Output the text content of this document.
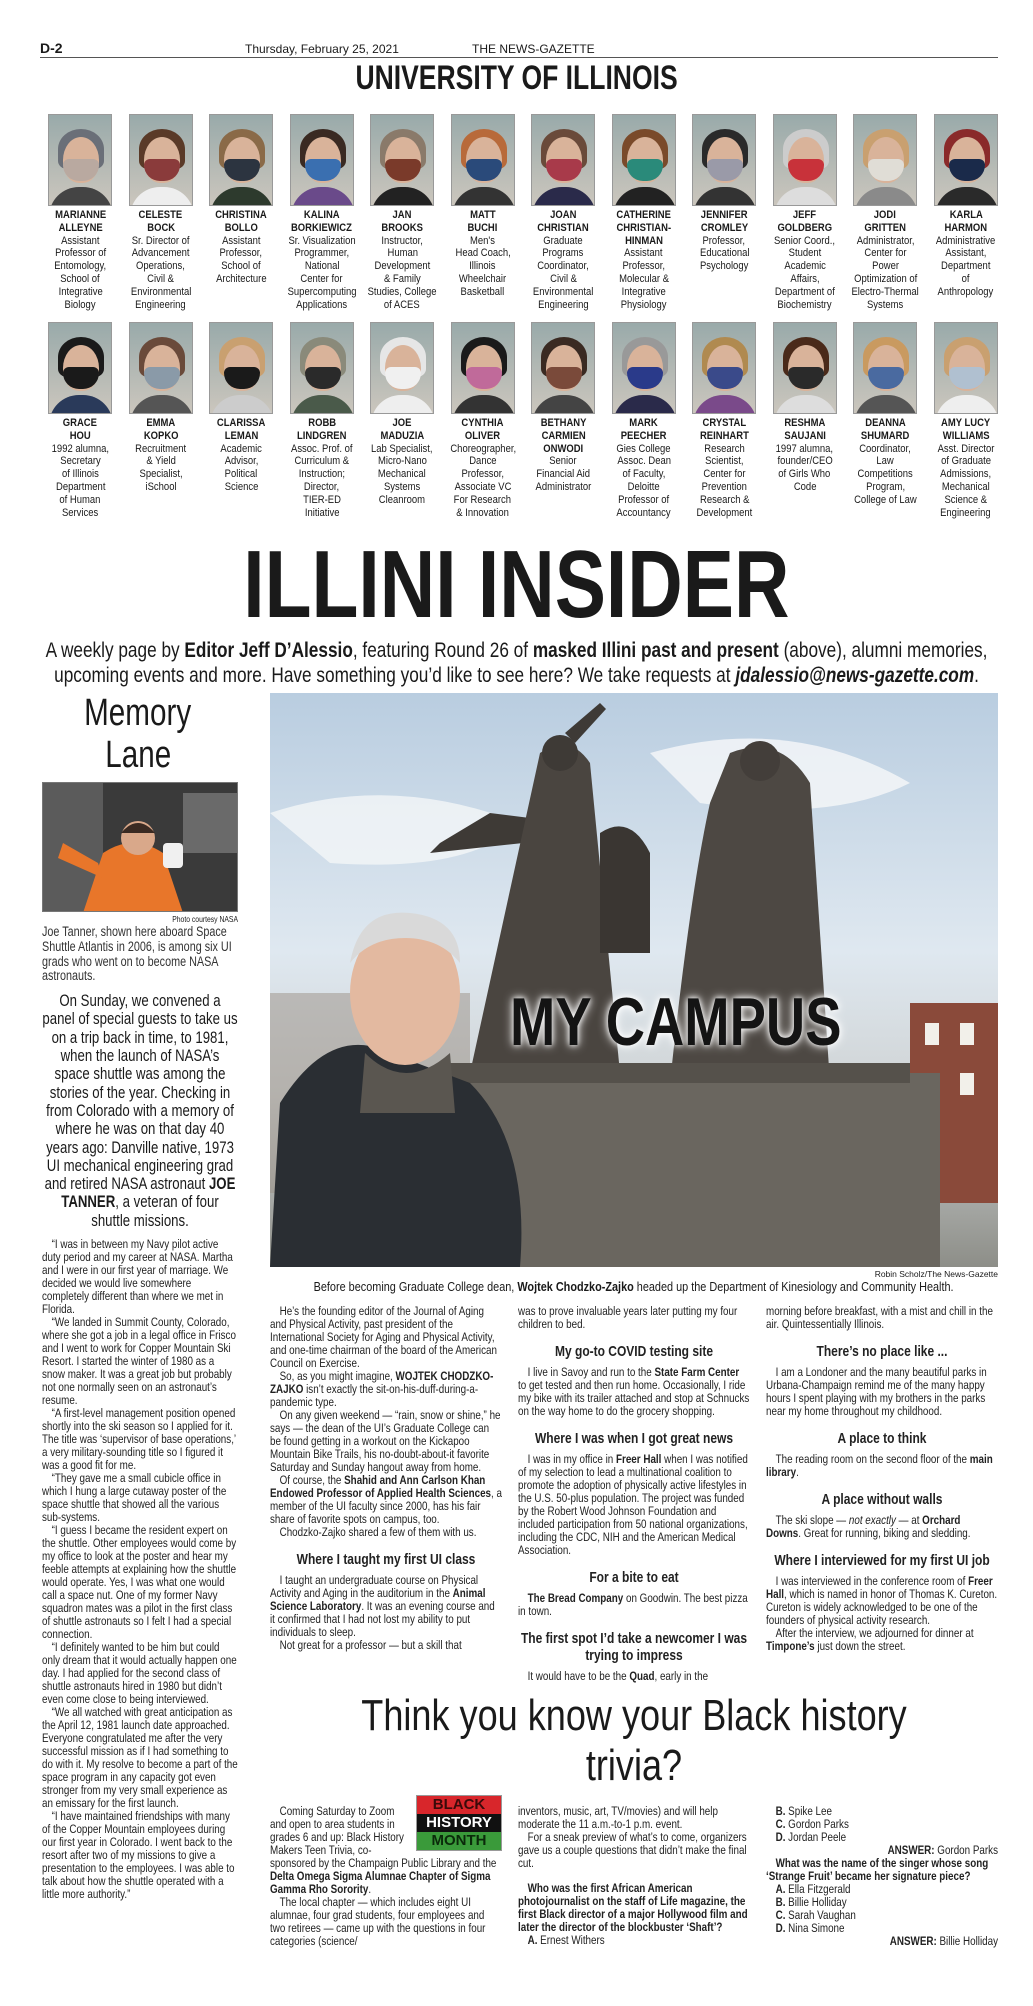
D-2	Thursday, February 25, 2021	THE NEWS-GAZETTE
UNIVERSITY OF ILLINOIS
MARIANNE
ALLEYNE
Assistant
Professor of
Entomology,
School of
Integrative
Biology
CELESTE
BOCK
Sr. Director of
Advancement
Operations,
Civil &
Environmental
Engineering
CHRISTINA
BOLLO
Assistant
Professor,
School of
Architecture
KALINA
BORKIEWICZ
Sr. Visualization
Programmer,
National
Center for
Supercomputing
Applications
JAN
BROOKS
Instructor,
Human
Development
& Family
Studies, College
of ACES
MATT
BUCHI
Men's
Head Coach,
Illinois
Wheelchair
Basketball
JOAN
CHRISTIAN
Graduate
Programs
Coordinator,
Civil &
Environmental
Engineering
CATHERINE
CHRISTIAN-
HINMAN
Assistant
Professor,
Molecular &
Integrative
Physiology
JENNIFER
CROMLEY
Professor,
Educational
Psychology
JEFF
GOLDBERG
Senior Coord.,
Student
Academic
Affairs,
Department of
Biochemistry
JODI
GRITTEN
Administrator,
Center for
Power
Optimization of
Electro-Thermal
Systems
KARLA
HARMON
Administrative
Assistant,
Department
of
Anthropology
GRACE
HOU
1992 alumna,
Secretary
of Illinois
Department
of Human
Services
EMMA
KOPKO
Recruitment
& Yield
Specialist,
iSchool
CLARISSA
LEMAN
Academic
Advisor,
Political
Science
ROBB
LINDGREN
Assoc. Prof. of
Curriculum &
Instruction;
Director,
TIER-ED
Initiative
JOE
MADUZIA
Lab Specialist,
Micro-Nano
Mechanical
Systems
Cleanroom
CYNTHIA
OLIVER
Choreographer,
Dance
Professor,
Associate VC
For Research
& Innovation
BETHANY
CARMIEN
ONWODI
Senior
Financial Aid
Administrator
MARK
PEECHER
Gies College
Assoc. Dean
of Faculty,
Deloitte
Professor of
Accountancy
CRYSTAL
REINHART
Research
Scientist,
Center for
Prevention
Research &
Development
RESHMA
SAUJANI
1997 alumna,
founder/CEO
of Girls Who
Code
DEANNA
SHUMARD
Coordinator,
Law
Competitions
Program,
College of Law
AMY LUCY
WILLIAMS
Asst. Director
of Graduate
Admissions,
Mechanical
Science &
Engineering
ILLINI INSIDER
A weekly page by Editor Jeff D’Alessio, featuring Round 26 of masked Illini past and present (above), alumni memories, upcoming events and more. Have something you’d like to see here? We take requests at jdalessio@news-gazette.com.
Memory
Lane
Photo courtesy NASA
Joe Tanner, shown here aboard Space Shuttle Atlantis in 2006, is among six UI grads who went on to become NASA astronauts.
On Sunday, we convened a panel of special guests to take us on a trip back in time, to 1981, when the launch of NASA’s space shuttle was among the stories of the year. Checking in from Colorado with a memory of where he was on that day 40 years ago: Danville native, 1973 UI mechanical engineering grad and retired NASA astronaut JOE TANNER, a veteran of four shuttle missions.

“I was in between my Navy pilot active duty period and my career at NASA. Martha and I were in our first year of marriage. We decided we would live somewhere completely different than where we met in Florida.

“We landed in Summit County, Colorado, where she got a job in a legal office in Frisco and I went to work for Copper Mountain Ski Resort. I started the winter of 1980 as a snow maker. It was a great job but probably not one normally seen on an astronaut’s resume.

“A first-level management position opened shortly into the ski season so I applied for it. The title was ‘supervisor of base operations,’ a very military-sounding title so I figured it was a good fit for me.

“They gave me a small cubicle office in which I hung a large cutaway poster of the space shuttle that showed all the various sub-systems.

“I guess I became the resident expert on the shuttle. Other employees would come by my office to look at the poster and hear my feeble attempts at explaining how the shuttle would operate. Yes, I was what one would call a space nut. One of my former Navy squadron mates was a pilot in the first class of shuttle astronauts so I felt I had a special connection.

“I definitely wanted to be him but could only dream that it would actually happen one day. I had applied for the second class of shuttle astronauts hired in 1980 but didn’t even come close to being interviewed.

“We all watched with great anticipation as the April 12, 1981 launch date approached. Everyone congratulated me after the very successful mission as if I had something to do with it. My resolve to become a part of the space program in any capacity got even stronger from my very small experience as an emissary for the first launch.

“I have maintained friendships with many of the Copper Mountain employees during our first year in Colorado. I went back to the resort after two of my missions to give a presentation to the employees. I was able to talk about how the shuttle operated with a little more authority.”

MY CAMPUS
Robin Scholz/The News-Gazette
Before becoming Graduate College dean, Wojtek Chodzko-Zajko headed up the Department of Kinesiology and Community Health.

He’s the founding editor of the Journal of Aging and Physical Activity, past president of the International Society for Aging and Physical Activity, and one-time chairman of the board of the American Council on Exercise.

So, as you might imagine, WOJTEK CHODZKO-ZAJKO isn’t exactly the sit-on-his-duff-during-a-pandemic type.

On any given weekend — “rain, snow or shine,” he says — the dean of the UI’s Graduate College can be found getting in a workout on the Kickapoo Mountain Bike Trails, his no-doubt-about-it favorite Saturday and Sunday hangout away from home.

Of course, the Shahid and Ann Carlson Khan Endowed Professor of Applied Health Sciences, a member of the UI faculty since 2000, has his fair share of favorite spots on campus, too.

Chodzko-Zajko shared a few of them with us.

Where I taught my first UI class

I taught an undergraduate course on Physical Activity and Aging in the auditorium in the Animal Science Laboratory. It was an evening course and it confirmed that I had not lost my ability to put individuals to sleep.

Not great for a professor — but a skill that

was to prove invaluable years later putting my four children to bed.

My go-to COVID testing site

I live in Savoy and run to the State Farm Center to get tested and then run home. Occasionally, I ride my bike with its trailer attached and stop at Schnucks on the way home to do the grocery shopping.

Where I was when I got great news

I was in my office in Freer Hall when I was notified of my selection to lead a multinational coalition to promote the adoption of physically active lifestyles in the U.S. 50-plus population. The project was funded by the Robert Wood Johnson Foundation and included participation from 50 national organizations, including the CDC, NIH and the American Medical Association.

For a bite to eat

The Bread Company on Goodwin. The best pizza in town.

The first spot I’d take a newcomer I was trying to impress

It would have to be the Quad, early in the

morning before breakfast, with a mist and chill in the air. Quintessentially Illinois.

There’s no place like ...

I am a Londoner and the many beautiful parks in Urbana-Champaign remind me of the many happy hours I spent playing with my brothers in the parks near my home throughout my childhood.

A place to think

The reading room on the second floor of the main library.

A place without walls

The ski slope — not exactly — at Orchard Downs. Great for running, biking and sledding.

Where I interviewed for my first UI job

I was interviewed in the conference room of Freer Hall, which is named in honor of Thomas K. Cureton. Cureton is widely acknowledged to be one of the founders of physical activity research.

After the interview, we adjourned for dinner at Timpone’s just down the street.

Think you know your Black history trivia?
BLACK
HISTORY
MONTH

Coming Saturday to Zoom and open to area students in grades 6 and up: Black History Makers Teen Trivia, co-sponsored by the Champaign Public Library and the Delta Omega Sigma Alumnae Chapter of Sigma Gamma Rho Sorority.

The local chapter — which includes eight UI alumnae, four grad students, four employees and two retirees — came up with the questions in four categories (science/

inventors, music, art, TV/movies) and will help moderate the 11 a.m.-to-1 p.m. event.

For a sneak preview of what’s to come, organizers gave us a couple questions that didn’t make the final cut.

Who was the first African American photojournalist on the staff of Life magazine, the first Black director of a major Hollywood film and later the director of the blockbuster ‘Shaft’?

A. Ernest Withers

B. Spike Lee

C. Gordon Parks

D. Jordan Peele

ANSWER: Gordon Parks

What was the name of the singer whose song ‘Strange Fruit’ became her signature piece?

A. Ella Fitzgerald

B. Billie Holliday

C. Sarah Vaughan

D. Nina Simone

ANSWER: Billie Holliday
